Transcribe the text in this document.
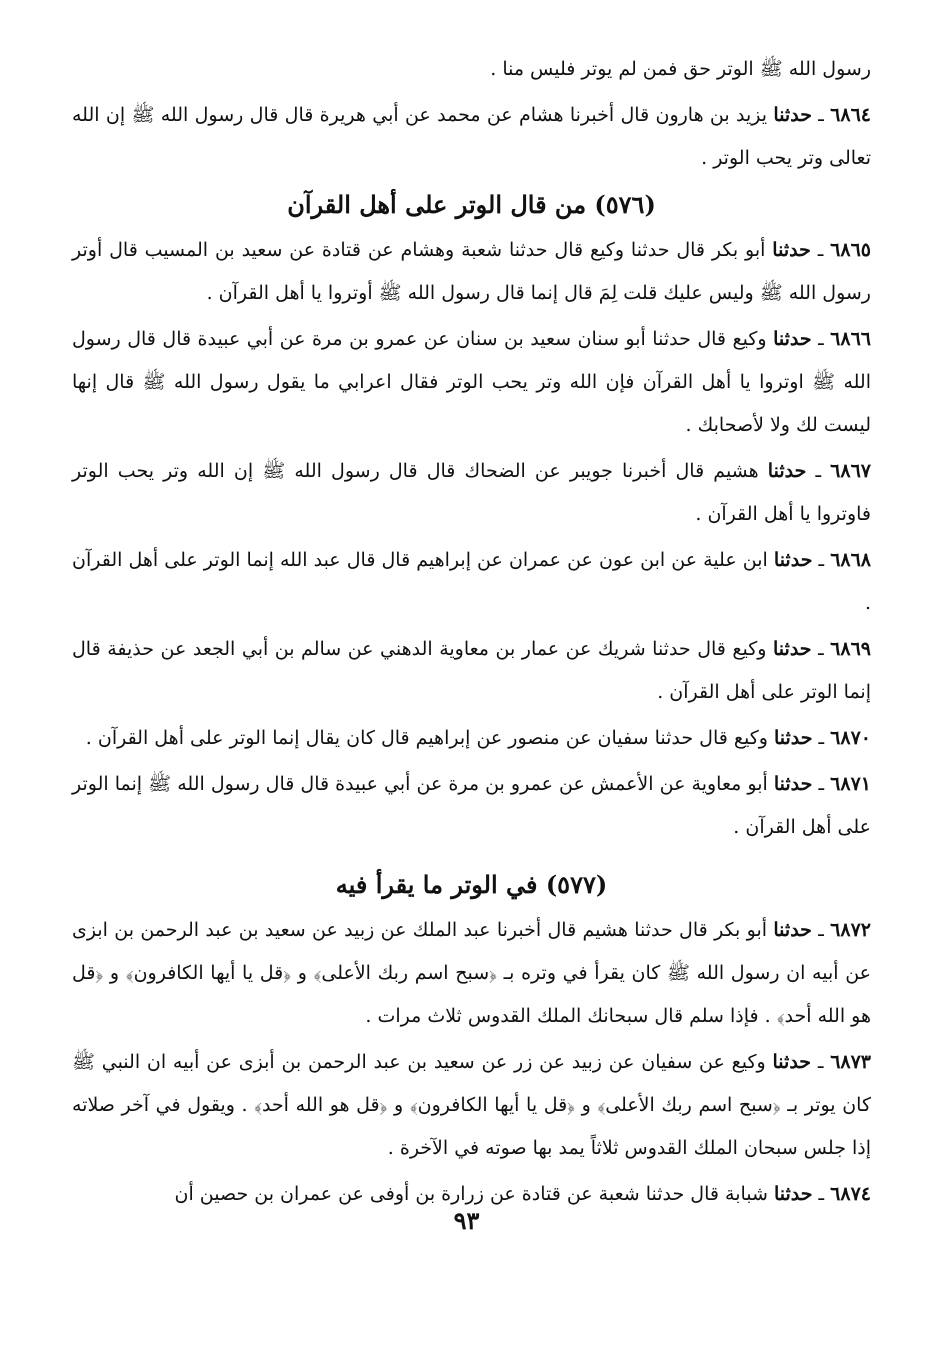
رسول الله ﷺ الوتر حق فمن لم يوتر فليس منا .

٦٨٦٤ ـ حدثنا يزيد بن هارون قال أخبرنا هشام عن محمد عن أبي هريرة قال قال رسول الله ﷺ إن الله تعالى وتر يحب الوتر .

(٥٧٦) من قال الوتر على أهل القرآن

٦٨٦٥ ـ حدثنا أبو بكر قال حدثنا وكيع قال حدثنا شعبة وهشام عن قتادة عن سعيد بن المسيب قال أوتر رسول الله ﷺ وليس عليك قلت لِمَ قال إنما قال رسول الله ﷺ أوتروا يا أهل القرآن .

٦٨٦٦ ـ حدثنا وكيع قال حدثنا أبو سنان سعيد بن سنان عن عمرو بن مرة عن أبي عبيدة قال قال رسول الله ﷺ اوتروا يا أهل القرآن فإن الله وتر يحب الوتر فقال اعرابي ما يقول رسول الله ﷺ قال إنها ليست لك ولا لأصحابك .

٦٨٦٧ ـ حدثنا هشيم قال أخبرنا جويبر عن الضحاك قال قال رسول الله ﷺ إن الله وتر يحب الوتر فاوتروا يا أهل القرآن .

٦٨٦٨ ـ حدثنا ابن علية عن ابن عون عن عمران عن إبراهيم قال قال عبد الله إنما الوتر على أهل القرآن .

٦٨٦٩ ـ حدثنا وكيع قال حدثنا شريك عن عمار بن معاوية الدهني عن سالم بن أبي الجعد عن حذيفة قال إنما الوتر على أهل القرآن .

٦٨٧٠ ـ حدثنا وكيع قال حدثنا سفيان عن منصور عن إبراهيم قال كان يقال إنما الوتر على أهل القرآن .

٦٨٧١ ـ حدثنا أبو معاوية عن الأعمش عن عمرو بن مرة عن أبي عبيدة قال قال رسول الله ﷺ إنما الوتر على أهل القرآن .

(٥٧٧) في الوتر ما يقرأ فيه

٦٨٧٢ ـ حدثنا أبو بكر قال حدثنا هشيم قال أخبرنا عبد الملك عن زبيد عن سعيد بن عبد الرحمن بن ابزى عن أبيه ان رسول الله ﷺ كان يقرأ في وتره بـ ﴿سبح اسم ربك الأعلى﴾ و ﴿قل يا أيها الكافرون﴾ و ﴿قل هو الله أحد﴾ . فإذا سلم قال سبحانك الملك القدوس ثلاث مرات .

٦٨٧٣ ـ حدثنا وكيع عن سفيان عن زبيد عن زر عن سعيد بن عبد الرحمن بن أبزى عن أبيه ان النبي ﷺ كان يوتر بـ ﴿سبح اسم ربك الأعلى﴾ و ﴿قل يا أيها الكافرون﴾ و ﴿قل هو الله أحد﴾ . ويقول في آخر صلاته إذا جلس سبحان الملك القدوس ثلاثاً يمد بها صوته في الآخرة .

٦٨٧٤ ـ حدثنا شبابة قال حدثنا شعبة عن قتادة عن زرارة بن أوفى عن عمران بن حصين أن

٩٣
